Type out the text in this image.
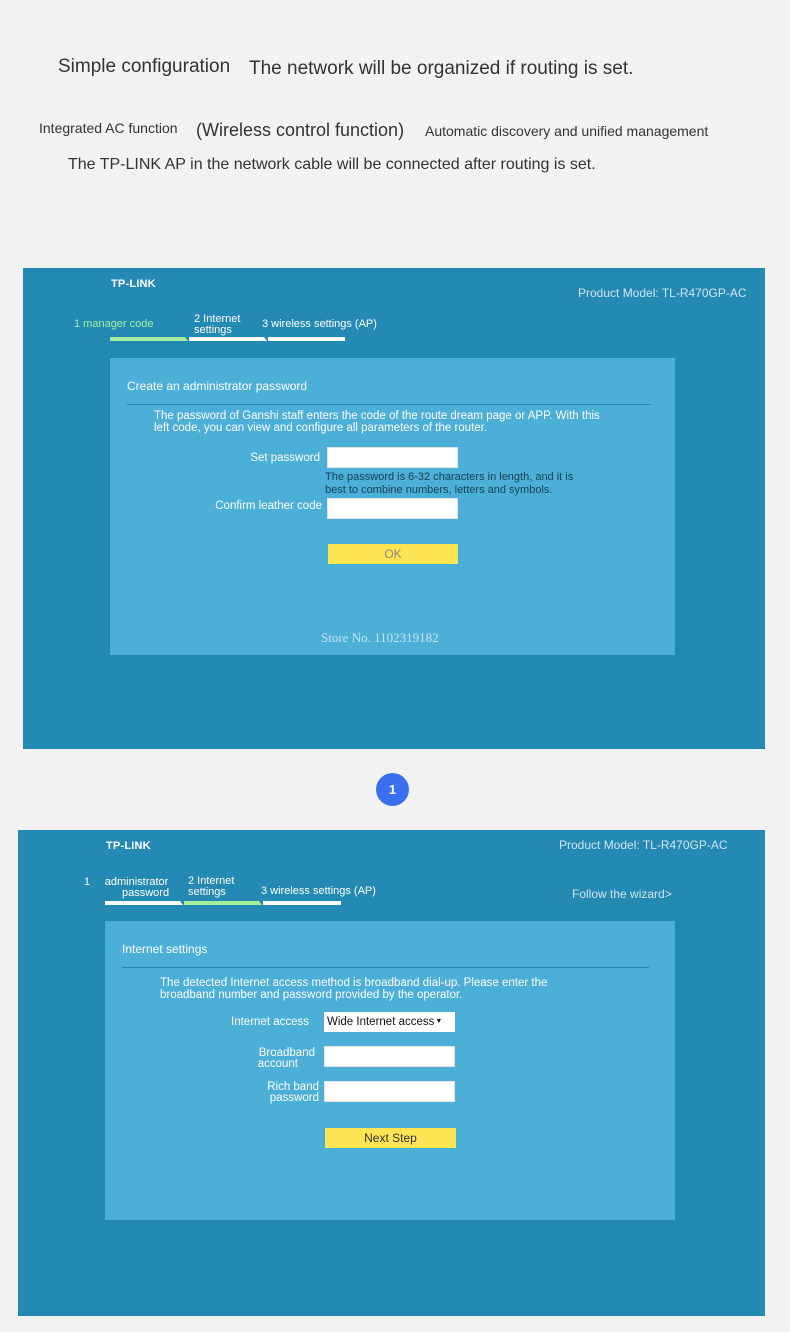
Simple configuration The network will be organized if routing is set.
Integrated AC function (Wireless control function) Automatic discovery and unified management
The TP-LINK AP in the network cable will be connected after routing is set.
TP-LINK
Product Model: TL-R470GP-AC
1 manager code	2 Internet
settings	3 wireless settings (AP)
Create an administrator password
The password of Ganshi staff enters the code of the route dream page or APP. With this left code, you can view and configure all parameters of the router.
Set password
The password is 6-32 characters in length, and it is best to combine numbers, letters and symbols.
Confirm leather code
OK
Store No. 1102319182
1
TP-LINK	Product Model: TL-R470GP-AC
1 administrator
password
2 Internet
settings	3 wireless settings (AP)	Follow the wizard>
Internet settings
The detected Internet access method is broadband dial-up. Please enter the broadband number and password provided by the operator.
Internet access Wide Internet access▼
Broadband
account
Rich band
password
Next Step
